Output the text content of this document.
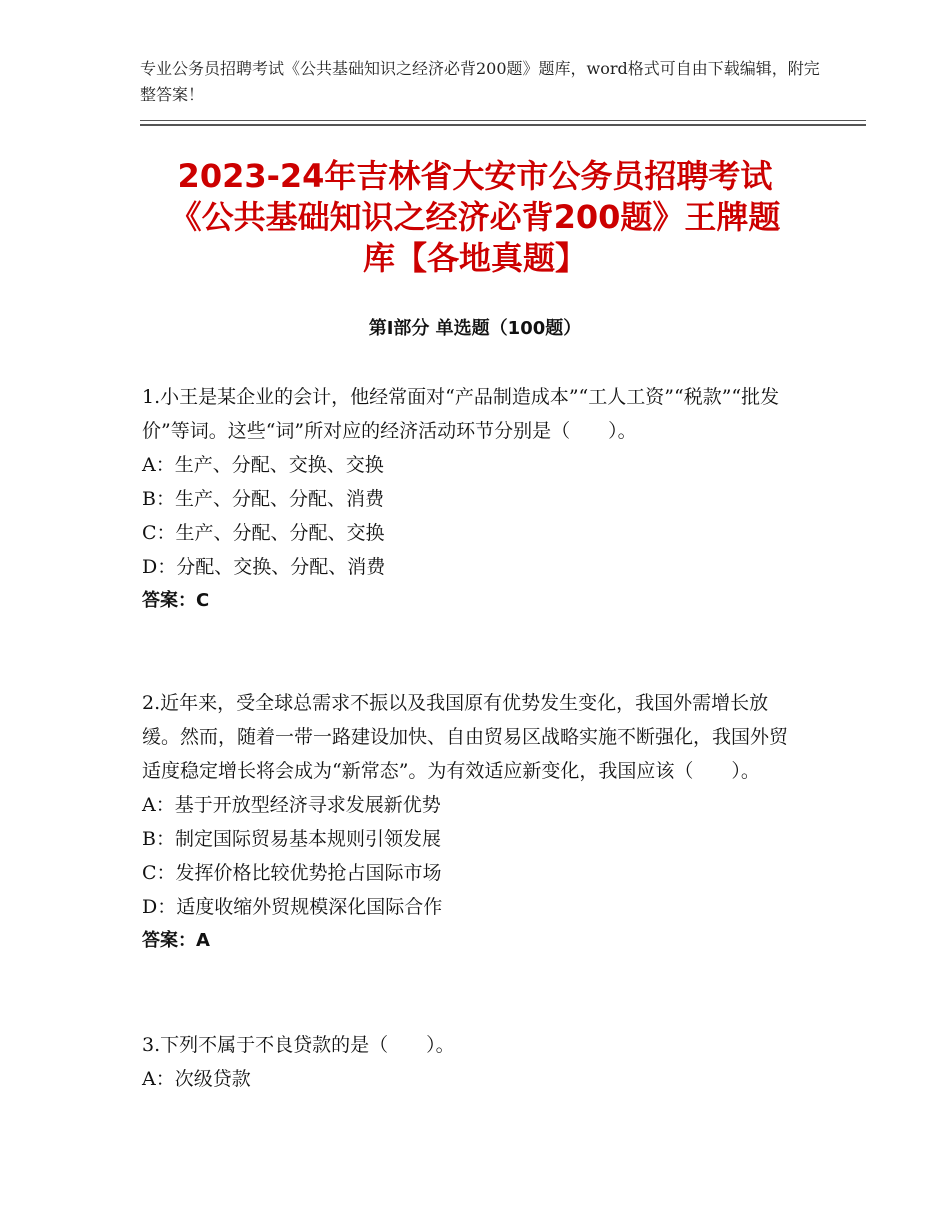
专业公务员招聘考试《公共基础知识之经济必背200题》题库，word格式可自由下载编辑，附完整答案！
2023-24年吉林省大安市公务员招聘考试
《公共基础知识之经济必背200题》王牌题
库【各地真题】
第Ⅰ部分 单选题（100题）

1.小王是某企业的会计，他经常面对“产品制造成本”“工人工资”“税款”“批发价”等词。这些“词”所对应的经济活动环节分别是（　　）。

A：生产、分配、交换、交换

B：生产、分配、分配、消费

C：生产、分配、分配、交换

D：分配、交换、分配、消费

答案：C

2.近年来，受全球总需求不振以及我国原有优势发生变化，我国外需增长放缓。然而，随着一带一路建设加快、自由贸易区战略实施不断强化，我国外贸适度稳定增长将会成为“新常态”。为有效适应新变化，我国应该（　　）。

A：基于开放型经济寻求发展新优势

B：制定国际贸易基本规则引领发展

C：发挥价格比较优势抢占国际市场

D：适度收缩外贸规模深化国际合作

答案：A

3.下列不属于不良贷款的是（　　）。

A：次级贷款
